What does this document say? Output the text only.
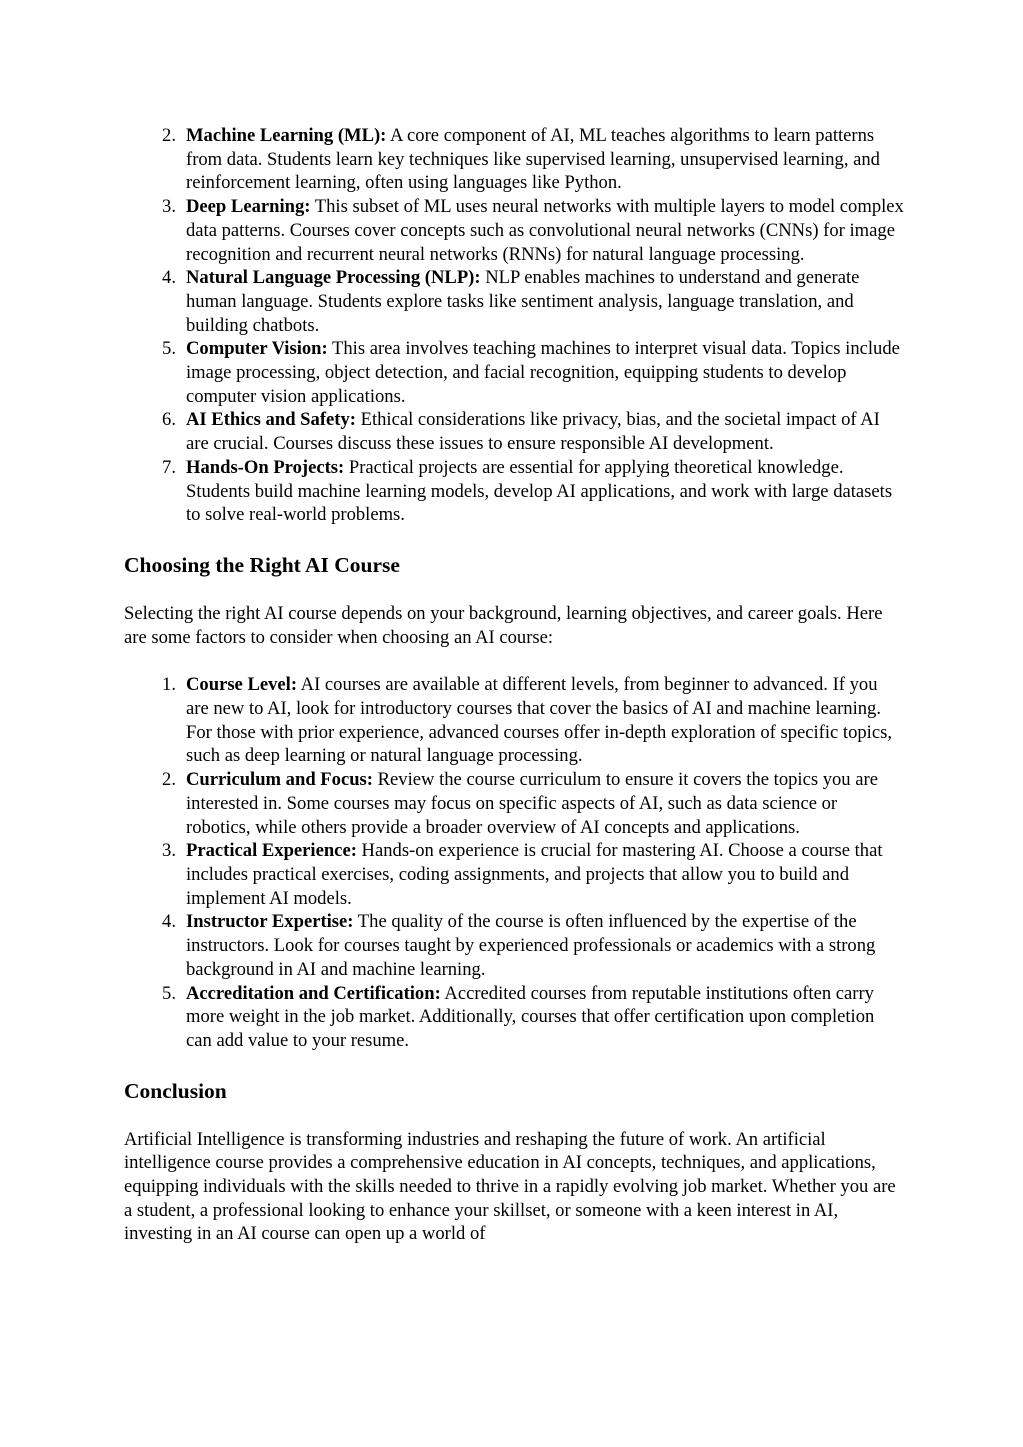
2. Machine Learning (ML): A core component of AI, ML teaches algorithms to learn patterns from data. Students learn key techniques like supervised learning, unsupervised learning, and reinforcement learning, often using languages like Python.
3. Deep Learning: This subset of ML uses neural networks with multiple layers to model complex data patterns. Courses cover concepts such as convolutional neural networks (CNNs) for image recognition and recurrent neural networks (RNNs) for natural language processing.
4. Natural Language Processing (NLP): NLP enables machines to understand and generate human language. Students explore tasks like sentiment analysis, language translation, and building chatbots.
5. Computer Vision: This area involves teaching machines to interpret visual data. Topics include image processing, object detection, and facial recognition, equipping students to develop computer vision applications.
6. AI Ethics and Safety: Ethical considerations like privacy, bias, and the societal impact of AI are crucial. Courses discuss these issues to ensure responsible AI development.
7. Hands-On Projects: Practical projects are essential for applying theoretical knowledge. Students build machine learning models, develop AI applications, and work with large datasets to solve real-world problems.
Choosing the Right AI Course

Selecting the right AI course depends on your background, learning objectives, and career goals. Here are some factors to consider when choosing an AI course:

1. Course Level: AI courses are available at different levels, from beginner to advanced. If you are new to AI, look for introductory courses that cover the basics of AI and machine learning. For those with prior experience, advanced courses offer in-depth exploration of specific topics, such as deep learning or natural language processing.
2. Curriculum and Focus: Review the course curriculum to ensure it covers the topics you are interested in. Some courses may focus on specific aspects of AI, such as data science or robotics, while others provide a broader overview of AI concepts and applications.
3. Practical Experience: Hands-on experience is crucial for mastering AI. Choose a course that includes practical exercises, coding assignments, and projects that allow you to build and implement AI models.
4. Instructor Expertise: The quality of the course is often influenced by the expertise of the instructors. Look for courses taught by experienced professionals or academics with a strong background in AI and machine learning.
5. Accreditation and Certification: Accredited courses from reputable institutions often carry more weight in the job market. Additionally, courses that offer certification upon completion can add value to your resume.
Conclusion

Artificial Intelligence is transforming industries and reshaping the future of work. An artificial intelligence course provides a comprehensive education in AI concepts, techniques, and applications, equipping individuals with the skills needed to thrive in a rapidly evolving job market. Whether you are a student, a professional looking to enhance your skillset, or someone with a keen interest in AI, investing in an AI course can open up a world of
